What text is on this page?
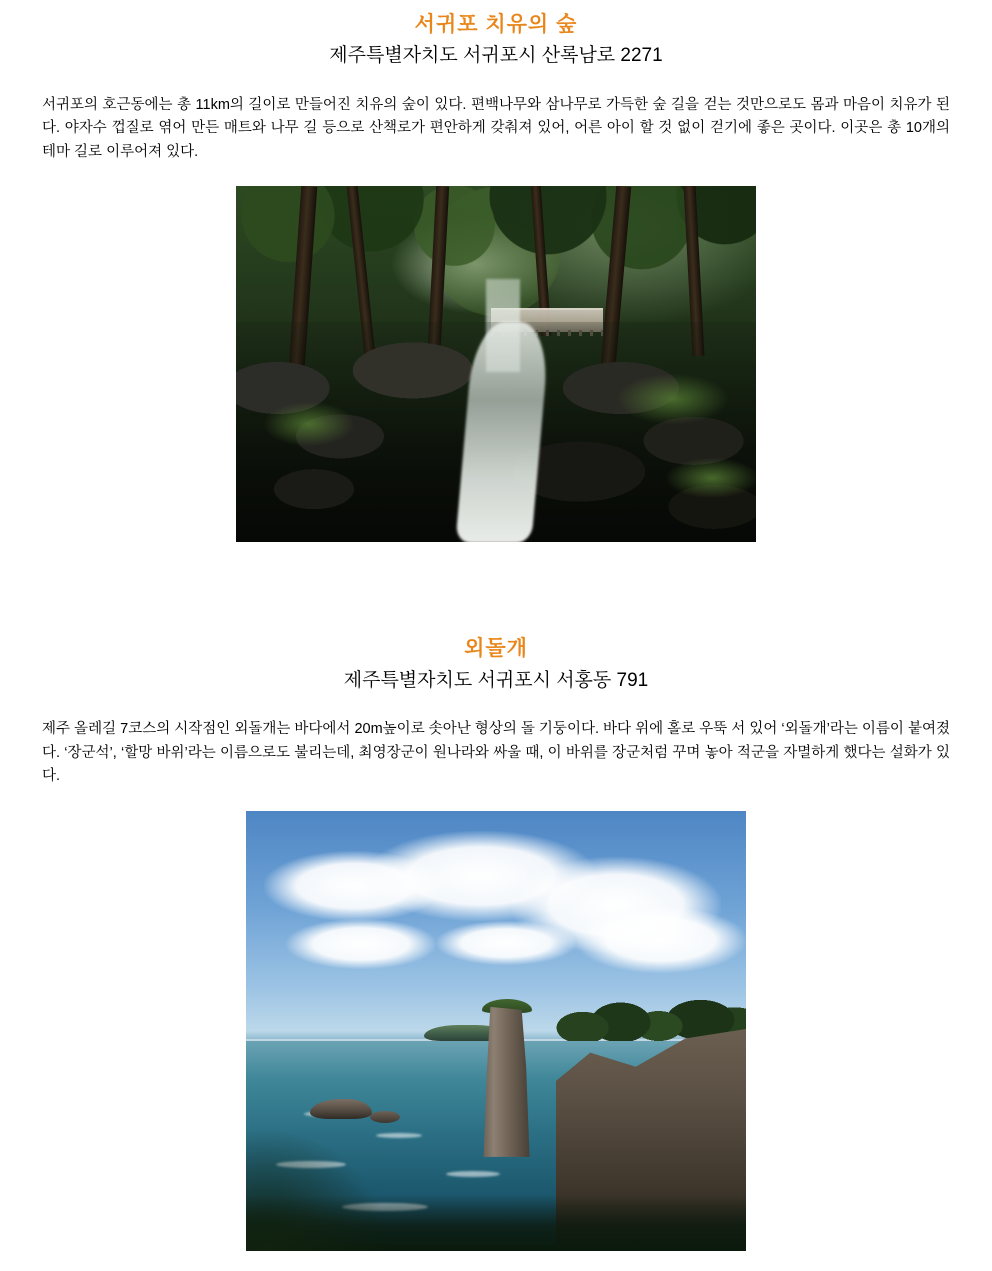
서귀포 치유의 숲
제주특별자치도 서귀포시 산록남로 2271

서귀포의 호근동에는 총 11km의 길이로 만들어진 치유의 숲이 있다. 편백나무와 삼나무로 가득한 숲 길을 걷는 것만으로도 몸과 마음이 치유가 된다. 야자수 껍질로 엮어 만든 매트와 나무 길 등으로 산책로가 편안하게 갖춰져 있어, 어른 아이 할 것 없이 걷기에 좋은 곳이다. 이곳은 총 10개의 테마 길로 이루어져 있다.

외돌개
제주특별자치도 서귀포시 서홍동 791

제주 올레길 7코스의 시작점인 외돌개는 바다에서 20m높이로 솟아난 형상의 돌 기둥이다. 바다 위에 홀로 우뚝 서 있어 ‘외돌개’라는 이름이 붙여졌다. ‘장군석’, ‘할망 바위’라는 이름으로도 불리는데, 최영장군이 원나라와 싸울 때, 이 바위를 장군처럼 꾸며 놓아 적군을 자멸하게 했다는 설화가 있다.
